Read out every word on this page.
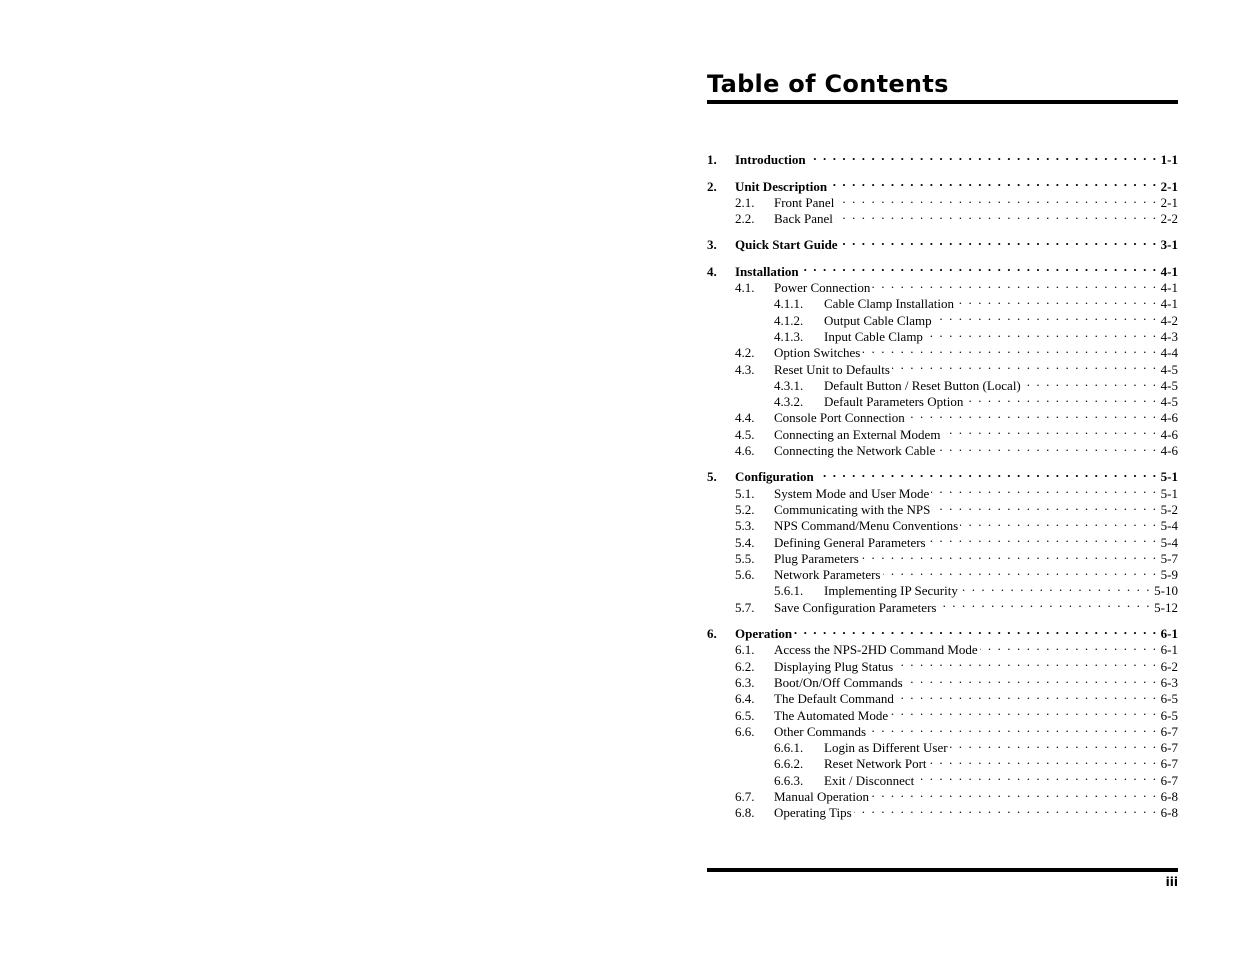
Table of Contents
1.	Introduction . . .	1-1
2.	Unit Description . . .	2-1
2.1.	Front Panel . . .	2-1
2.2.	Back Panel . . .	2-2
3.	Quick Start Guide . . .	3-1
4.	Installation . . .	4-1
4.1.	Power Connection . . .	4-1
4.1.1.	Cable Clamp Installation . . .	4-1
4.1.2.	Output Cable Clamp . . .	4-2
4.1.3.	Input Cable Clamp . . .	4-3
4.2.	Option Switches . . .	4-4
4.3.	Reset Unit to Defaults . . .	4-5
4.3.1.	Default Button / Reset Button (Local) . . .	4-5
4.3.2.	Default Parameters Option . . .	4-5
4.4.	Console Port Connection . . .	4-6
4.5.	Connecting an External Modem . . .	4-6
4.6.	Connecting the Network Cable . . .	4-6
5.	Configuration . . .	5-1
5.1.	System Mode and User Mode . . .	5-1
5.2.	Communicating with the NPS . . .	5-2
5.3.	NPS Command/Menu Conventions . . .	5-4
5.4.	Defining General Parameters . . .	5-4
5.5.	Plug Parameters . . .	5-7
5.6.	Network Parameters . . .	5-9
5.6.1.	Implementing IP Security . . .	5-10
5.7.	Save Configuration Parameters . . .	5-12
6.	Operation . . .	6-1
6.1.	Access the NPS-2HD Command Mode . . .	6-1
6.2.	Displaying Plug Status . . .	6-2
6.3.	Boot/On/Off Commands . . .	6-3
6.4.	The Default Command . . .	6-5
6.5.	The Automated Mode . . .	6-5
6.6.	Other Commands . . .	6-7
6.6.1.	Login as Different User . . .	6-7
6.6.2.	Reset Network Port . . .	6-7
6.6.3.	Exit / Disconnect . . .	6-7
6.7.	Manual Operation . . .	6-8
6.8.	Operating Tips . . .	6-8
iii
